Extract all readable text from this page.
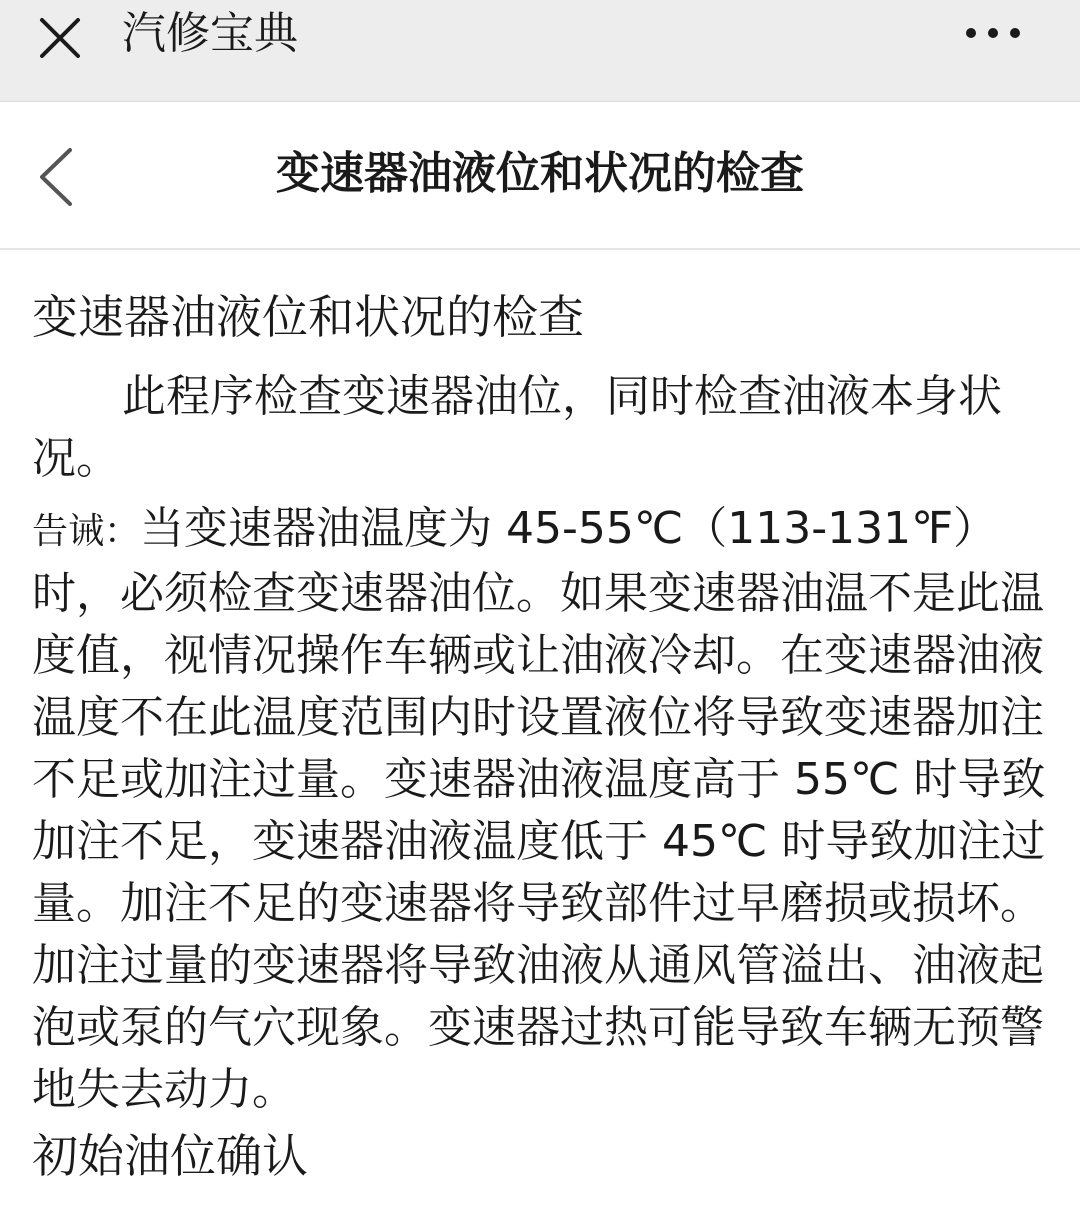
汽修宝典
变速器油液位和状况的检查
变速器油液位和状况的检查

此程序检查变速器油位，同时检查油液本身状况。

告诫：当变速器油温度为 45-55℃（113-131℉）时，必须检查变速器油位。如果变速器油温不是此温度值，视情况操作车辆或让油液冷却。在变速器油液温度不在此温度范围内时设置液位将导致变速器加注不足或加注过量。变速器油液温度高于 55℃ 时导致加注不足，变速器油液温度低于 45℃ 时导致加注过量。加注不足的变速器将导致部件过早磨损或损坏。加注过量的变速器将导致油液从通风管溢出、油液起泡或泵的气穴现象。变速器过热可能导致车辆无预警地失去动力。

初始油位确认
